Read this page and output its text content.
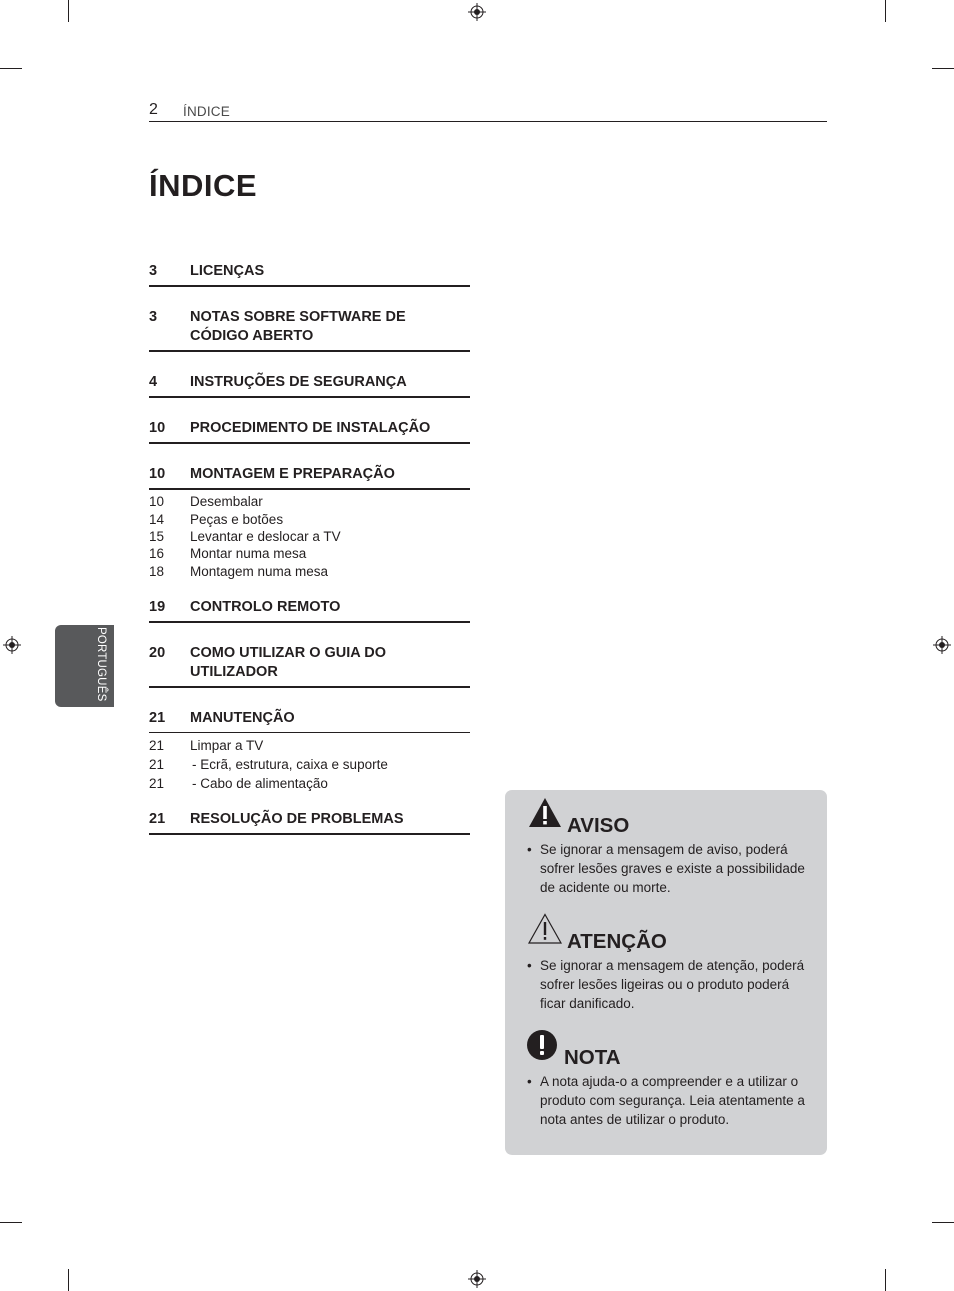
2 ÍNDICE
ÍNDICE
PORTUGUÊS
3 LICENÇAS
3 NOTAS SOBRE SOFTWARE DE CÓDIGO ABERTO
4 INSTRUÇÕES DE SEGURANÇA
10 PROCEDIMENTO DE INSTALAÇÃO
10 MONTAGEM E PREPARAÇÃO
10 Desembalar
14 Peças e botões
15 Levantar e deslocar a TV
16 Montar numa mesa
18 Montagem numa mesa
19 CONTROLO REMOTO
20 COMO UTILIZAR O GUIA DO UTILIZADOR
21 MANUTENÇÃO
21 Limpar a TV
21 - Ecrã, estrutura, caixa e suporte
21 - Cabo de alimentação
21 RESOLUÇÃO DE PROBLEMAS	AVISO

• Se ignorar a mensagem de aviso, poderá sofrer lesões graves e existe a possibilidade de acidente ou morte.

ATENÇÃO

• Se ignorar a mensagem de atenção, poderá sofrer lesões ligeiras ou o produto poderá ficar danificado.

NOTA

• A nota ajuda-o a compreender e a utilizar o produto com segurança. Leia atentamente a nota antes de utilizar o produto.
